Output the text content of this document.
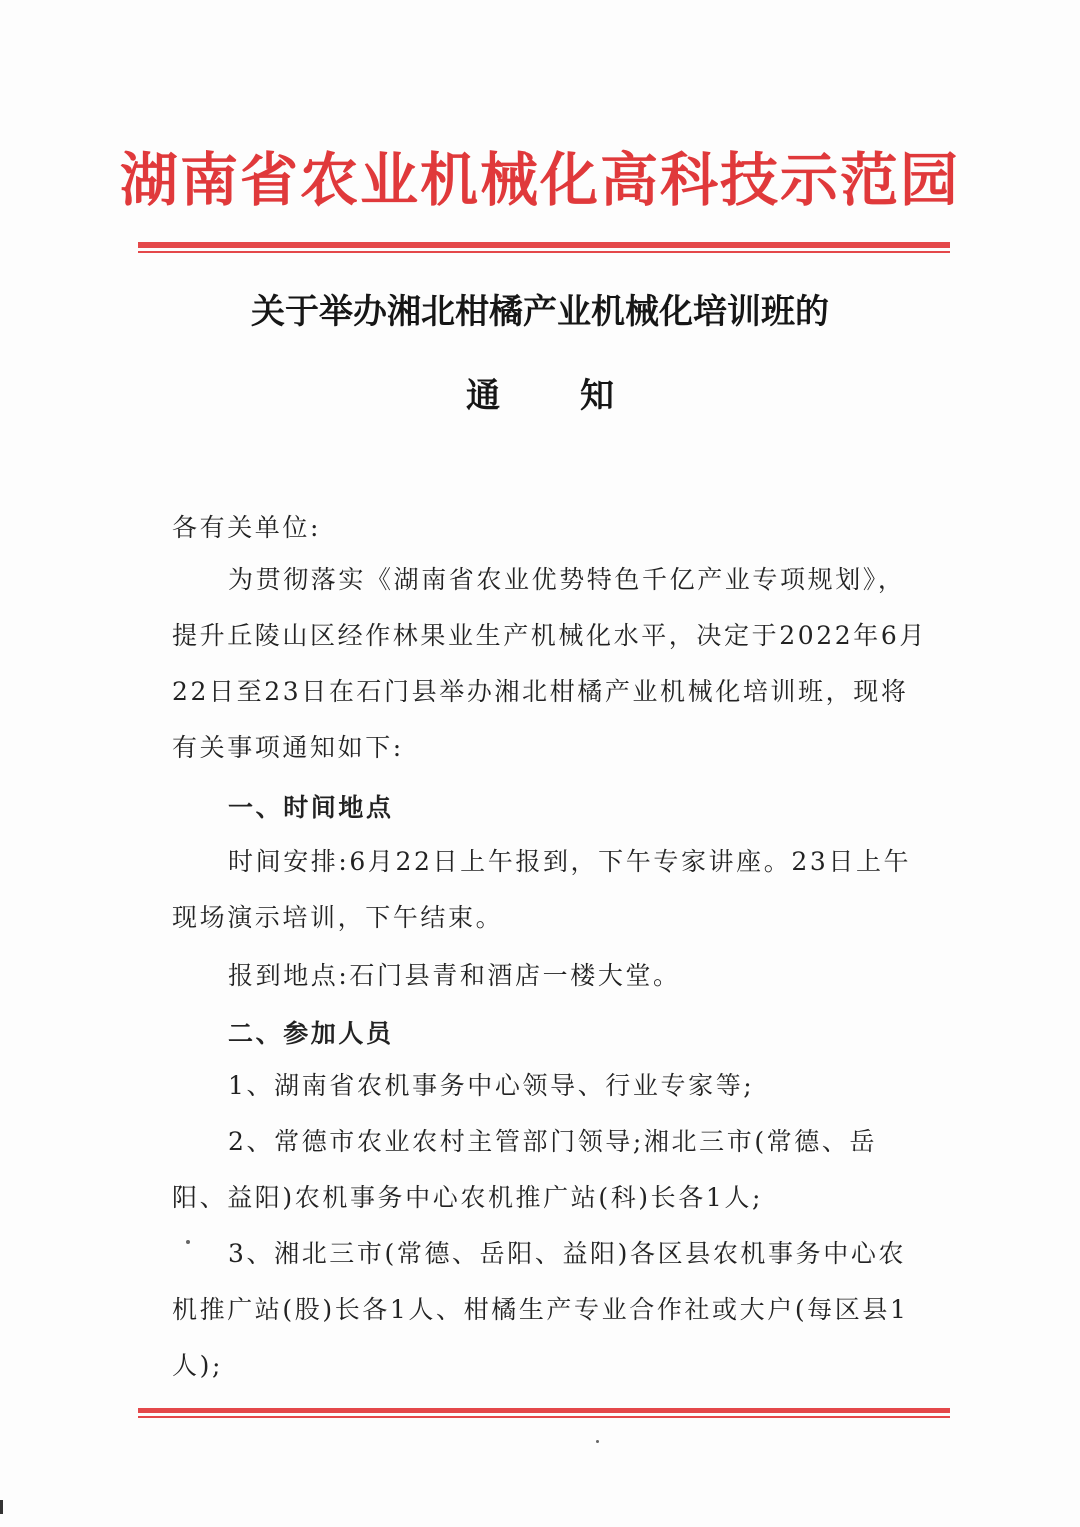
湖南省农业机械化高科技示范园
关于举办湘北柑橘产业机械化培训班的
通知

各有关单位:

为贯彻落实《湖南省农业优势特色千亿产业专项规划》，提升丘陵山区经作林果业生产机械化水平，决定于2022年6月22日至23日在石门县举办湘北柑橘产业机械化培训班，现将有关事项通知如下:

一、时间地点

时间安排:6月22日上午报到，下午专家讲座。23日上午现场演示培训，下午结束。

报到地点:石门县青和酒店一楼大堂。

二、参加人员

1、湖南省农机事务中心领导、行业专家等;

2、常德市农业农村主管部门领导;湘北三市(常德、岳阳、益阳)农机事务中心农机推广站(科)长各1人;

3、湘北三市(常德、岳阳、益阳)各区县农机事务中心农机推广站(股)长各1人、柑橘生产专业合作社或大户(每区县1人);
